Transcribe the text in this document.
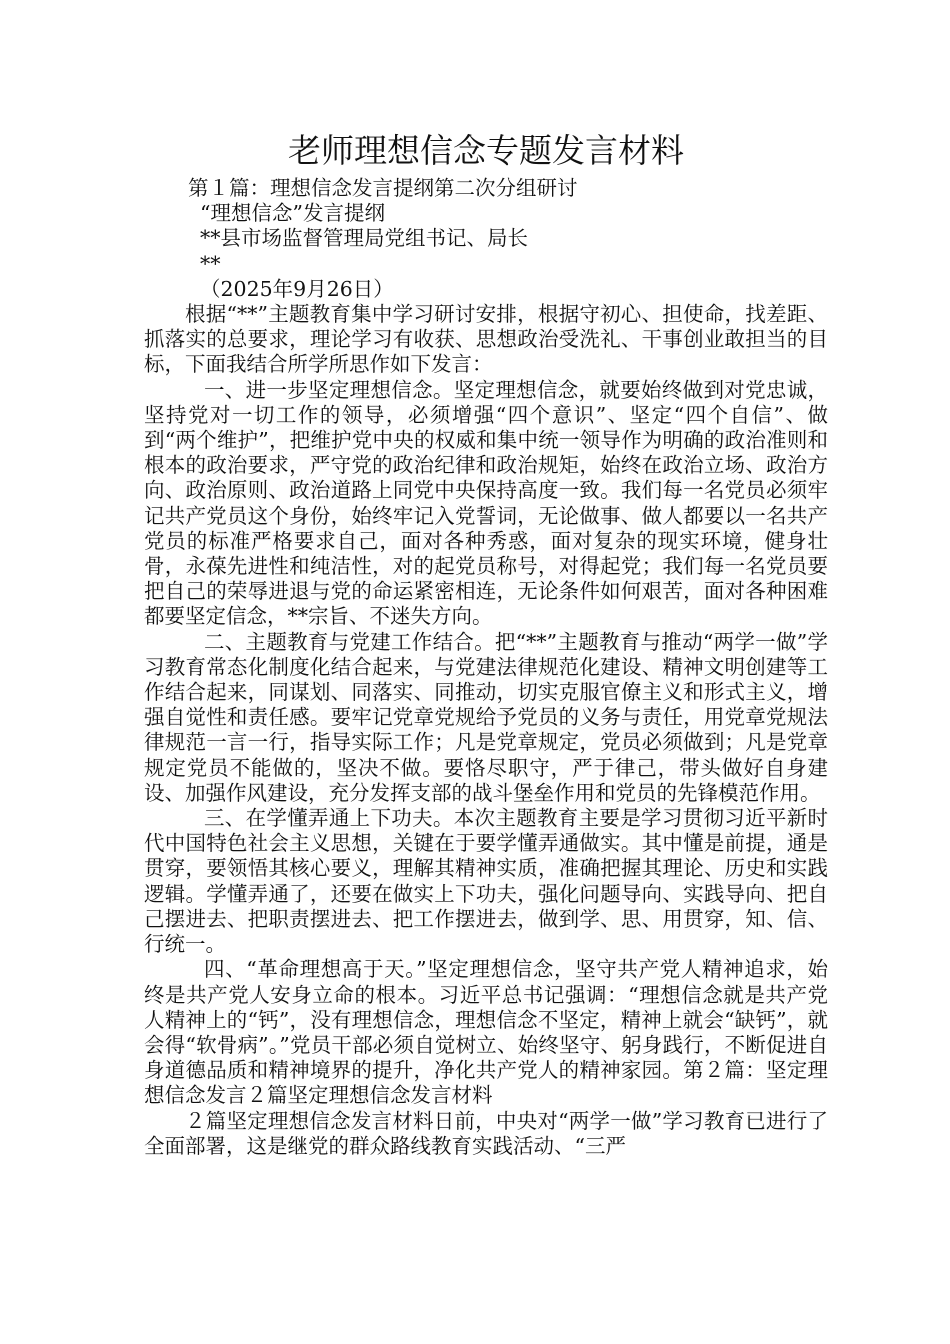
老师理想信念专题发言材料

第１篇：理想信念发言提纲第二次分组研讨

“理想信念”发言提纲

**县市场监督管理局党组书记、局长

**

（2025年9月26日）

根据“**”主题教育集中学习研讨安排，根据守初心、担使命，找差距、抓落实的总要求，理论学习有收获、思想政治受洗礼、干事创业敢担当的目标，下面我结合所学所思作如下发言：

一、进一步坚定理想信念。坚定理想信念，就要始终做到对党忠诚，坚持党对一切工作的领导，必须增强“四个意识”、坚定“四个自信”、做到“两个维护”，把维护党中央的权威和集中统一领导作为明确的政治准则和根本的政治要求，严守党的政治纪律和政治规矩，始终在政治立场、政治方向、政治原则、政治道路上同党中央保持高度一致。我们每一名党员必须牢记共产党员这个身份，始终牢记入党誓词，无论做事、做人都要以一名共产党员的标准严格要求自己，面对各种秀惑，面对复杂的现实环境，健身壮骨，永葆先进性和纯洁性，对的起党员称号，对得起党；我们每一名党员要把自己的荣辱进退与党的命运紧密相连，无论条件如何艰苦，面对各种困难都要坚定信念，**宗旨、不迷失方向。

二、主题教育与党建工作结合。把“**”主题教育与推动“两学一做”学习教育常态化制度化结合起来，与党建法律规范化建设、精神文明创建等工作结合起来，同谋划、同落实、同推动，切实克服官僚主义和形式主义，增强自觉性和责任感。要牢记党章党规给予党员的义务与责任，用党章党规法律规范一言一行，指导实际工作；凡是党章规定，党员必须做到；凡是党章规定党员不能做的，坚决不做。要恪尽职守，严于律己，带头做好自身建设、加强作风建设，充分发挥支部的战斗堡垒作用和党员的先锋模范作用。

三、在学懂弄通上下功夫。本次主题教育主要是学习贯彻习近平新时代中国特色社会主义思想，关键在于要学懂弄通做实。其中懂是前提，通是贯穿，要领悟其核心要义，理解其精神实质，准确把握其理论、历史和实践逻辑。学懂弄通了，还要在做实上下功夫，强化问题导向、实践导向、把自己摆进去、把职责摆进去、把工作摆进去，做到学、思、用贯穿，知、信、行统一。

四、“革命理想高于天。”坚定理想信念，坚守共产党人精神追求，始终是共产党人安身立命的根本。习近平总书记强调：“理想信念就是共产党人精神上的“钙”，没有理想信念，理想信念不坚定，精神上就会“缺钙”，就会得“软骨病”。”党员干部必须自觉树立、始终坚守、躬身践行，不断促进自身道德品质和精神境界的提升，净化共产党人的精神家园。第２篇：坚定理想信念发言２篇坚定理想信念发言材料

２篇坚定理想信念发言材料日前，中央对“两学一做”学习教育已进行了全面部署，这是继党的群众路线教育实践活动、“三严
